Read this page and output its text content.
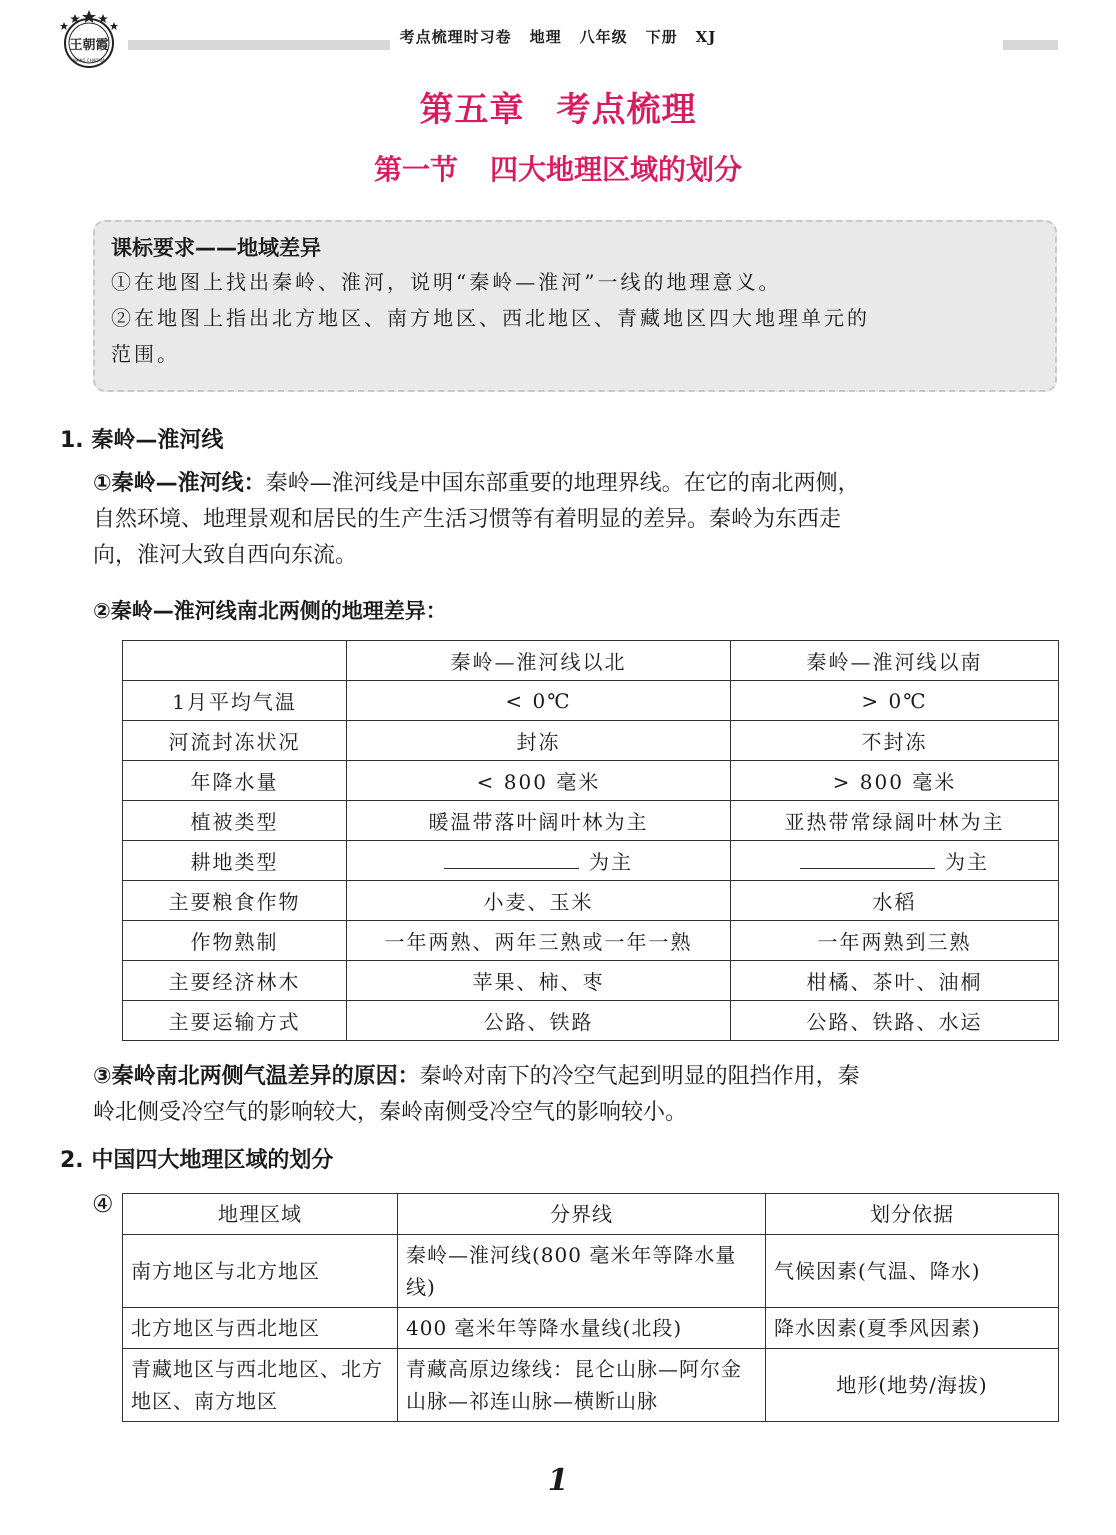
王朝霞
WANG CHAOXIA
考点梳理时习卷 地理 八年级 下册 XJ
第五章 考点梳理
第一节 四大地理区域的划分
课标要求——地域差异
①在地图上找出秦岭、淮河，说明“秦岭—淮河”一线的地理意义。
②在地图上指出北方地区、南方地区、西北地区、青藏地区四大地理单元的
范围。
1. 秦岭—淮河线
①秦岭—淮河线：秦岭—淮河线是中国东部重要的地理界线。在它的南北两侧，
自然环境、地理景观和居民的生产生活习惯等有着明显的差异。秦岭为东西走
向，淮河大致自西向东流。
②秦岭—淮河线南北两侧的地理差异：
	秦岭—淮河线以北	秦岭—淮河线以南
1月平均气温	< 0℃	> 0℃
河流封冻状况	封冻	不封冻
年降水量	< 800 毫米	> 800 毫米
植被类型	暖温带落叶阔叶林为主	亚热带常绿阔叶林为主
耕地类型	为主	为主
主要粮食作物	小麦、玉米	水稻
作物熟制	一年两熟、两年三熟或一年一熟	一年两熟到三熟
主要经济林木	苹果、柿、枣	柑橘、茶叶、油桐
主要运输方式	公路、铁路	公路、铁路、水运
③秦岭南北两侧气温差异的原因：秦岭对南下的冷空气起到明显的阻挡作用，秦
岭北侧受冷空气的影响较大，秦岭南侧受冷空气的影响较小。
2. 中国四大地理区域的划分
④	地理区域	分界线	划分依据
南方地区与北方地区	秦岭—淮河线(800 毫米年等降水量线)	气候因素(气温、降水)
北方地区与西北地区	400 毫米年等降水量线(北段)	降水因素(夏季风因素)
青藏地区与西北地区、北方地区、南方地区	青藏高原边缘线：昆仑山脉—阿尔金山脉—祁连山脉—横断山脉	地形(地势/海拔)
1
